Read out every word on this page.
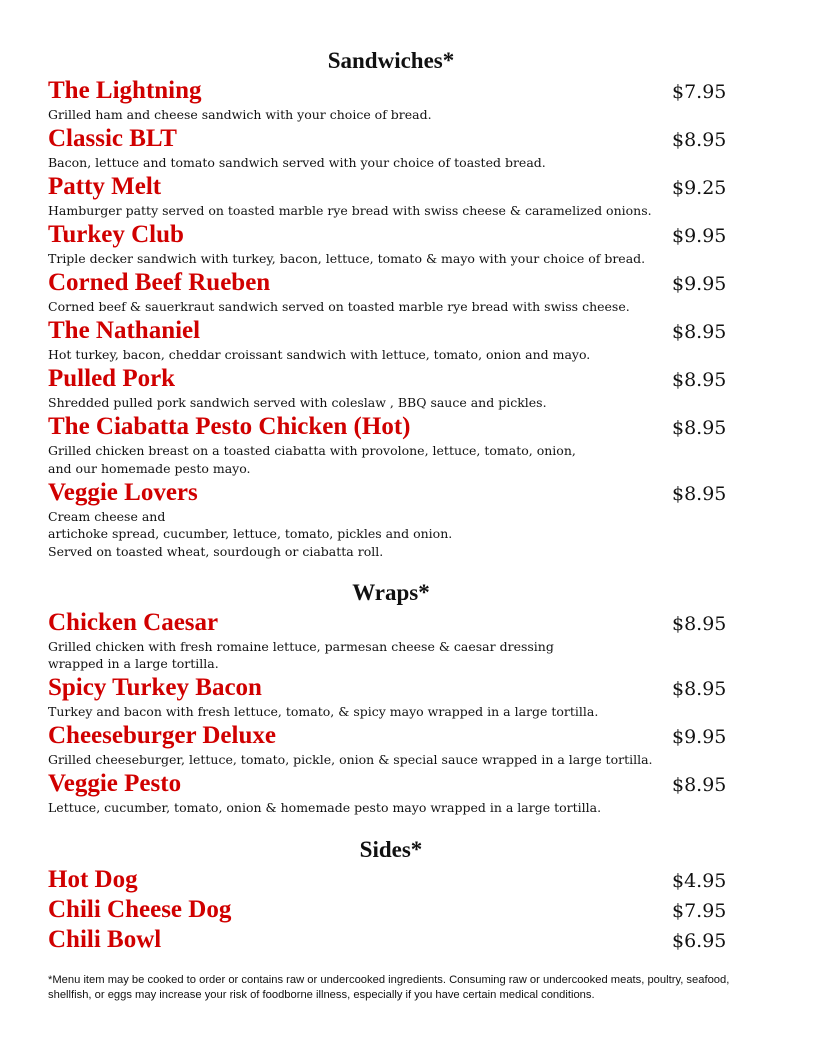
Sandwiches*
The Lightning	$7.95
Grilled ham and cheese sandwich with your choice of bread.
Classic BLT	$8.95
Bacon, lettuce and tomato sandwich served with your choice of toasted bread.
Patty Melt	$9.25
Hamburger patty served on toasted marble rye bread with swiss cheese & caramelized onions.
Turkey Club	$9.95
Triple decker sandwich with turkey, bacon, lettuce, tomato & mayo with your choice of bread.
Corned Beef Rueben	$9.95
Corned beef & sauerkraut sandwich served on toasted marble rye bread with swiss cheese.
The Nathaniel	$8.95
Hot turkey, bacon, cheddar croissant sandwich with lettuce, tomato, onion and mayo.
Pulled Pork	$8.95
Shredded pulled pork sandwich served with coleslaw , BBQ sauce and pickles.
The Ciabatta Pesto Chicken (Hot)	$8.95
Grilled chicken breast on a toasted ciabatta with provolone, lettuce, tomato, onion,
and our homemade pesto mayo.
Veggie Lovers	$8.95
Cream cheese and
artichoke spread, cucumber, lettuce, tomato, pickles and onion.
Served on toasted wheat, sourdough or ciabatta roll.
Wraps*
Chicken Caesar	$8.95
Grilled chicken with fresh romaine lettuce, parmesan cheese & caesar dressing
wrapped in a large tortilla.
Spicy Turkey Bacon	$8.95
Turkey and bacon with fresh lettuce, tomato, & spicy mayo wrapped in a large tortilla.
Cheeseburger Deluxe	$9.95
Grilled cheeseburger, lettuce, tomato, pickle, onion & special sauce wrapped in a large tortilla.
Veggie Pesto	$8.95
Lettuce, cucumber, tomato, onion & homemade pesto mayo wrapped in a large tortilla.
Sides*
Hot Dog	$4.95
Chili Cheese Dog	$7.95
Chili Bowl	$6.95
*Menu item may be cooked to order or contains raw or undercooked ingredients. Consuming raw or undercooked meats, poultry, seafood, shellfish, or eggs may increase your risk of foodborne illness, especially if you have certain medical conditions.
